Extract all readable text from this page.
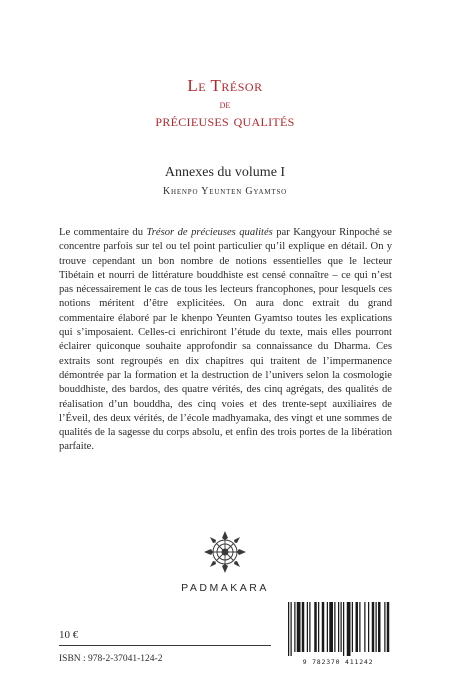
Le Trésor
de
précieuses qualités
Annexes du volume I
Khenpo Yeunten Gyamtso
Le commentaire du Trésor de précieuses qualités par Kangyour Rinpoché se concentre parfois sur tel ou tel point particulier qu’il explique en détail. On y trouve cependant un bon nombre de notions essentielles que le lecteur Tibétain et nourri de littérature bouddhiste est censé connaître – ce qui n’est pas nécessairement le cas de tous les lecteurs francophones, pour lesquels ces notions méritent d’être explicitées. On aura donc extrait du grand commentaire élaboré par le khenpo Yeunten Gyamtso toutes les explications qui s’imposaient. Celles-ci enrichiront l’étude du texte, mais elles pourront éclairer quiconque souhaite approfondir sa connaissance du Dharma. Ces extraits sont regroupés en dix chapitres qui traitent de l’impermanence démontrée par la formation et la destruction de l’univers selon la cosmologie bouddhiste, des bardos, des quatre vérités, des cinq agrégats, des qualités de réalisation d’un bouddha, des cinq voies et des trente-sept auxiliaires de l’Éveil, des deux vérités, de l’école madhyamaka, des vingt et une sommes de qualités de la sagesse du corps absolu, et enfin des trois portes de la libération parfaite.
PADMAKARA
10 €
ISBN : 978-2-37041-124-2	9 782370 411242
